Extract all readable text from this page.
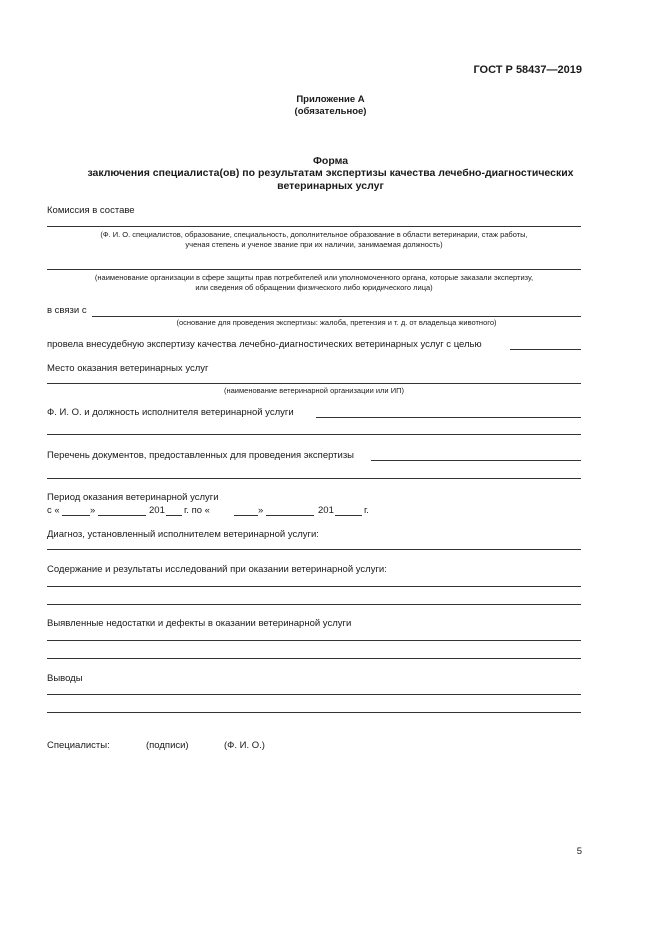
ГОСТ Р 58437—2019
Приложение А
(обязательное)
Форма
заключения специалиста(ов) по результатам экспертизы качества лечебно-диагностических
ветеринарных услуг
Комиссия в составе
(Ф. И. О. специалистов, образование, специальность, дополнительное образование в области ветеринарии, стаж работы,
ученая степень и ученое звание при их наличии, занимаемая должность)
(наименование организации в сфере защиты прав потребителей или уполномоченного органа, которые заказали экспертизу,
или сведения об обращении физического либо юридического лица)
в связи с
(основание для проведения экспертизы: жалоба, претензия и т. д. от владельца животного)
провела внесудебную экспертизу качества лечебно-диагностических ветеринарных услуг с целью
Место оказания ветеринарных услуг
(наименование ветеринарной организации или ИП)
Ф. И. О. и должность исполнителя ветеринарной услуги
Перечень документов, предоставленных для проведения экспертизы
Период оказания ветеринарной услуги
с «	»	201 г. по «	»	201	г.
Диагноз, установленный исполнителем ветеринарной услуги:
Содержание и результаты исследований при оказании ветеринарной услуги:
Выявленные недостатки и дефекты в оказании ветеринарной услуги
Выводы
Специалисты:	(подписи)	(Ф. И. О.)
5
